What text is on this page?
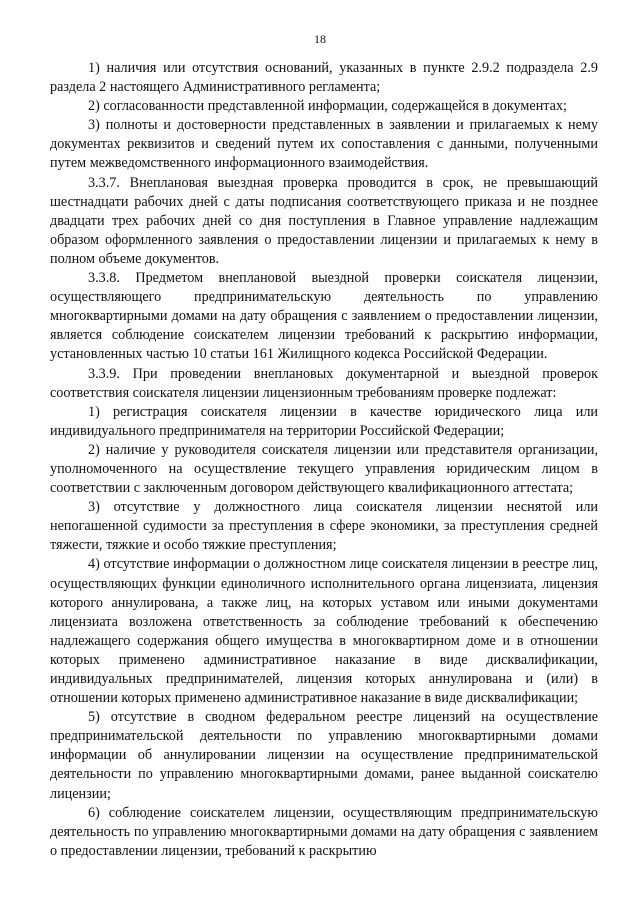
18

1) наличия или отсутствия оснований, указанных в пункте 2.9.2 подраздела 2.9 раздела 2 настоящего Административного регламента;

2) согласованности представленной информации, содержащейся в документах;

3) полноты и достоверности представленных в заявлении и прилагаемых к нему документах реквизитов и сведений путем их сопоставления с данными, полученными путем межведомственного информационного взаимодействия.

3.3.7. Внеплановая выездная проверка проводится в срок, не превышающий шестнадцати рабочих дней с даты подписания соответствующего приказа и не позднее двадцати трех рабочих дней со дня поступления в Главное управление надлежащим образом оформленного заявления о предоставлении лицензии и прилагаемых к нему в полном объеме документов.

3.3.8. Предметом внеплановой выездной проверки соискателя лицензии, осуществляющего предпринимательскую деятельность по управлению многоквартирными домами на дату обращения с заявлением о предоставлении лицензии, является соблюдение соискателем лицензии требований к раскрытию информации, установленных частью 10 статьи 161 Жилищного кодекса Российской Федерации.

3.3.9. При проведении внеплановых документарной и выездной проверок соответствия соискателя лицензии лицензионным требованиям проверке подлежат:

1) регистрация соискателя лицензии в качестве юридического лица или индивидуального предпринимателя на территории Российской Федерации;

2) наличие у руководителя соискателя лицензии или представителя организации, уполномоченного на осуществление текущего управления юридическим лицом в соответствии с заключенным договором действующего квалификационного аттестата;

3) отсутствие у должностного лица соискателя лицензии неснятой или непогашенной судимости за преступления в сфере экономики, за преступления средней тяжести, тяжкие и особо тяжкие преступления;

4) отсутствие информации о должностном лице соискателя лицензии в реестре лиц, осуществляющих функции единоличного исполнительного органа лицензиата, лицензия которого аннулирована, а также лиц, на которых уставом или иными документами лицензиата возложена ответственность за соблюдение требований к обеспечению надлежащего содержания общего имущества в многоквартирном доме и в отношении которых применено административное наказание в виде дисквалификации, индивидуальных предпринимателей, лицензия которых аннулирована и (или) в отношении которых применено административное наказание в виде дисквалификации;

5) отсутствие в сводном федеральном реестре лицензий на осуществление предпринимательской деятельности по управлению многоквартирными домами информации об аннулировании лицензии на осуществление предпринимательской деятельности по управлению многоквартирными домами, ранее выданной соискателю лицензии;

6) соблюдение соискателем лицензии, осуществляющим предпринимательскую деятельность по управлению многоквартирными домами на дату обращения с заявлением о предоставлении лицензии, требований к раскрытию
